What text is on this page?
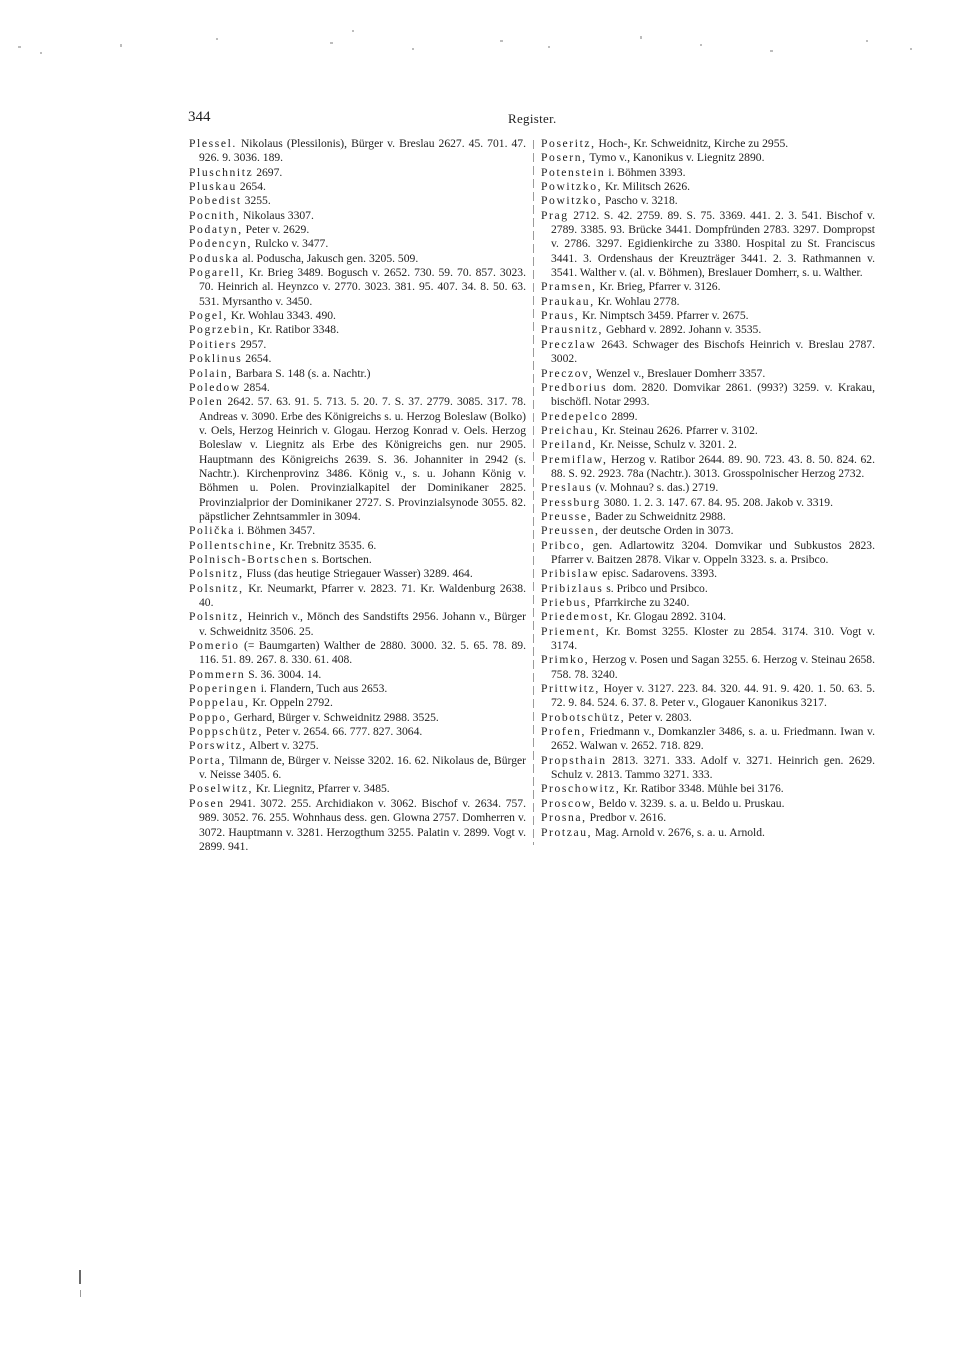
344	Register.

Plessel. Nikolaus (Plessilonis), Bürger v. Breslau 2627. 45. 701. 47. 926. 9. 3036. 189.

Pluschnitz 2697.

Pluskau 2654.

Pobedist 3255.

Pocnith, Nikolaus 3307.

Podatyn, Peter v. 2629.

Podencyn, Rulcko v. 3477.

Poduska al. Poduscha, Jakusch gen. 3205. 509.

Pogarell, Kr. Brieg 3489. Bogusch v. 2652. 730. 59. 70. 857. 3023. 70. Heinrich al. Heynzco v. 2770. 3023. 381. 95. 407. 34. 8. 50. 63. 531. Myrsantho v. 3450.

Pogel, Kr. Wohlau 3343. 490.

Pogrzebin, Kr. Ratibor 3348.

Poitiers 2957.

Poklinus 2654.

Polain, Barbara S. 148 (s. a. Nachtr.)

Poledow 2854.

Polen 2642. 57. 63. 91. 5. 713. 5. 20. 7. S. 37. 2779. 3085. 317. 78. Andreas v. 3090. Erbe des Königreichs s. u. Herzog Boleslaw (Bolko) v. Oels, Herzog Heinrich v. Glogau. Herzog Konrad v. Oels. Herzog Boleslaw v. Liegnitz als Erbe des Königreichs gen. nur 2905. Hauptmann des Königreichs 2639. S. 36. Johanniter in 2942 (s. Nachtr.). Kirchenprovinz 3486. König v., s. u. Johann König v. Böhmen u. Polen. Provinzialkapitel der Dominikaner 2825. Provinzialprior der Dominikaner 2727. S. Provinzialsynode 3055. 82. päpstlicher Zehntsammler in 3094.

Polička i. Böhmen 3457.

Pollentschine, Kr. Trebnitz 3535. 6.

Polnisch-Bortschen s. Bortschen.

Polsnitz, Fluss (das heutige Striegauer Wasser) 3289. 464.

Polsnitz, Kr. Neumarkt, Pfarrer v. 2823. 71. Kr. Waldenburg 2638. 40.

Polsnitz, Heinrich v., Mönch des Sandstifts 2956. Johann v., Bürger v. Schweidnitz 3506. 25.

Pomerio (= Baumgarten) Walther de 2880. 3000. 32. 5. 65. 78. 89. 116. 51. 89. 267. 8. 330. 61. 408.

Pommern S. 36. 3004. 14.

Poperingen i. Flandern, Tuch aus 2653.

Poppelau, Kr. Oppeln 2792.

Poppo, Gerhard, Bürger v. Schweidnitz 2988. 3525.

Poppschütz, Peter v. 2654. 66. 777. 827. 3064.

Porswitz, Albert v. 3275.

Porta, Tilmann de, Bürger v. Neisse 3202. 16. 62. Nikolaus de, Bürger v. Neisse 3405. 6.

Poselwitz, Kr. Liegnitz, Pfarrer v. 3485.

Posen 2941. 3072. 255. Archidiakon v. 3062. Bischof v. 2634. 757. 989. 3052. 76. 255. Wohnhaus dess. gen. Glowna 2757. Domherren v. 3072. Hauptmann v. 3281. Herzogthum 3255. Palatin v. 2899. Vogt v. 2899. 941.

Poseritz, Hoch-, Kr. Schweidnitz, Kirche zu 2955.

Posern, Tymo v., Kanonikus v. Liegnitz 2890.

Potenstein i. Böhmen 3393.

Powitzko, Kr. Militsch 2626.

Powitzko, Pascho v. 3218.

Prag 2712. S. 42. 2759. 89. S. 75. 3369. 441. 2. 3. 541. Bischof v. 2789. 3385. 93. Brücke 3441. Dompfründen 2783. 3297. Dompropst v. 2786. 3297. Egidienkirche zu 3380. Hospital zu St. Franciscus 3441. 3. Ordenshaus der Kreuzträger 3441. 2. 3. Rathmannen v. 3541. Walther v. (al. v. Böhmen), Breslauer Domherr, s. u. Walther.

Pramsen, Kr. Brieg, Pfarrer v. 3126.

Praukau, Kr. Wohlau 2778.

Praus, Kr. Nimptsch 3459. Pfarrer v. 2675.

Prausnitz, Gebhard v. 2892. Johann v. 3535.

Preczlaw 2643. Schwager des Bischofs Heinrich v. Breslau 2787. 3002.

Preczov, Wenzel v., Breslauer Domherr 3357.

Predborius dom. 2820. Domvikar 2861. (993?) 3259. v. Krakau, bischöfl. Notar 2993.

Predepelco 2899.

Preichau, Kr. Steinau 2626. Pfarrer v. 3102.

Preiland, Kr. Neisse, Schulz v. 3201. 2.

Premiflaw, Herzog v. Ratibor 2644. 89. 90. 723. 43. 8. 50. 824. 62. 88. S. 92. 2923. 78a (Nachtr.). 3013. Grosspolnischer Herzog 2732.

Preslaus (v. Mohnau? s. das.) 2719.

Pressburg 3080. 1. 2. 3. 147. 67. 84. 95. 208. Jakob v. 3319.

Preusse, Bader zu Schweidnitz 2988.

Preussen, der deutsche Orden in 3073.

Pribco, gen. Adlartowitz 3204. Domvikar und Subkustos 2823. Pfarrer v. Baitzen 2878. Vikar v. Oppeln 3323. s. a. Prsibco.

Pribislaw episc. Sadarovens. 3393.

Pribizlaus s. Pribco und Prsibco.

Priebus, Pfarrkirche zu 3240.

Priedemost, Kr. Glogau 2892. 3104.

Priement, Kr. Bomst 3255. Kloster zu 2854. 3174. 310. Vogt v. 3174.

Primko, Herzog v. Posen und Sagan 3255. 6. Herzog v. Steinau 2658. 758. 78. 3240.

Prittwitz, Hoyer v. 3127. 223. 84. 320. 44. 91. 9. 420. 1. 50. 63. 5. 72. 9. 84. 524. 6. 37. 8. Peter v., Glogauer Kanonikus 3217.

Probotschütz, Peter v. 2803.

Profen, Friedmann v., Domkanzler 3486, s. a. u. Friedmann. Iwan v. 2652. Walwan v. 2652. 718. 829.

Propsthain 2813. 3271. 333. Adolf v. 3271. Heinrich gen. 2629. Schulz v. 2813. Tammo 3271. 333.

Proschowitz, Kr. Ratibor 3348. Mühle bei 3176.

Proscow, Beldo v. 3239. s. a. u. Beldo u. Pruskau.

Prosna, Predbor v. 2616.

Protzau, Mag. Arnold v. 2676, s. a. u. Arnold.
